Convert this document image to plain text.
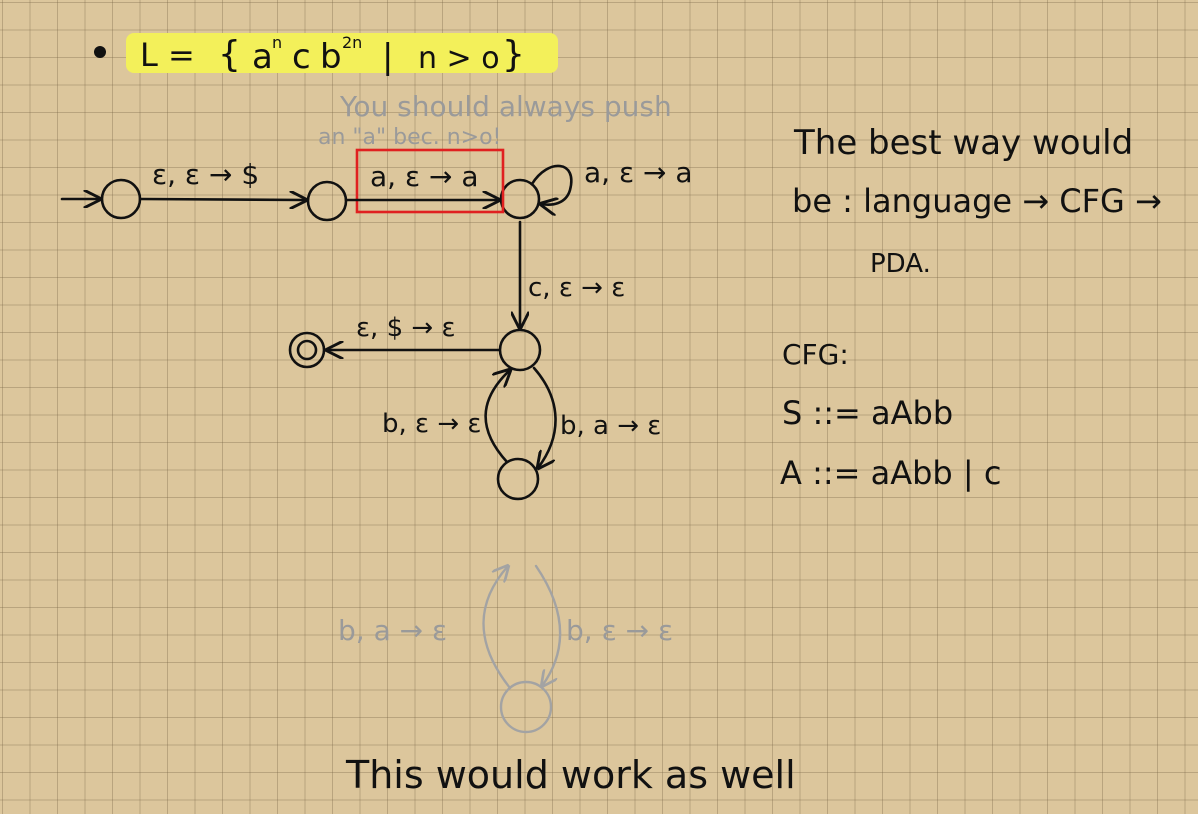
L = { a n c b 2n | n > o }
You should always push
an "a" bec. n>o!
ε, ε → $	a, ε → a	a, ε → a
c, ε → ε
ε, $ → ε
b, ε → ε	b, a → ε
b, a → ε	b, ε → ε
This would work as well
The best way would
be : language → CFG →
PDA.
CFG:
S ::= aAbb
A ::= aAbb | c
